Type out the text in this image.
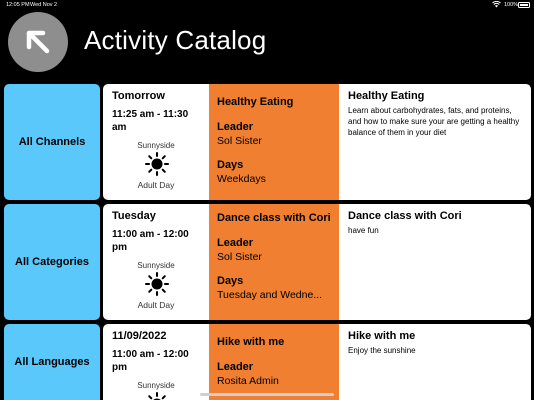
12:05 PM Wed Nov 2	100%
Activity Catalog
All Channels
All Categories
All Languages
Tomorrow
11:25 am - 11:30 am
Sunnyside
Adult Day
Healthy Eating
Leader
Sol Sister
Days
Weekdays
Healthy Eating
Learn about carbohydrates, fats, and proteins, and how to make sure your are getting a healthy balance of them in your diet
Tuesday
11:00 am - 12:00 pm
Sunnyside
Adult Day
Dance class with Cori
Leader
Sol Sister
Days
Tuesday and Wedne...
Dance class with Cori
have fun
11/09/2022
11:00 am - 12:00 pm
Sunnyside
Hike with me
Leader
Rosita Admin
Hike with me
Enjoy the sunshine
